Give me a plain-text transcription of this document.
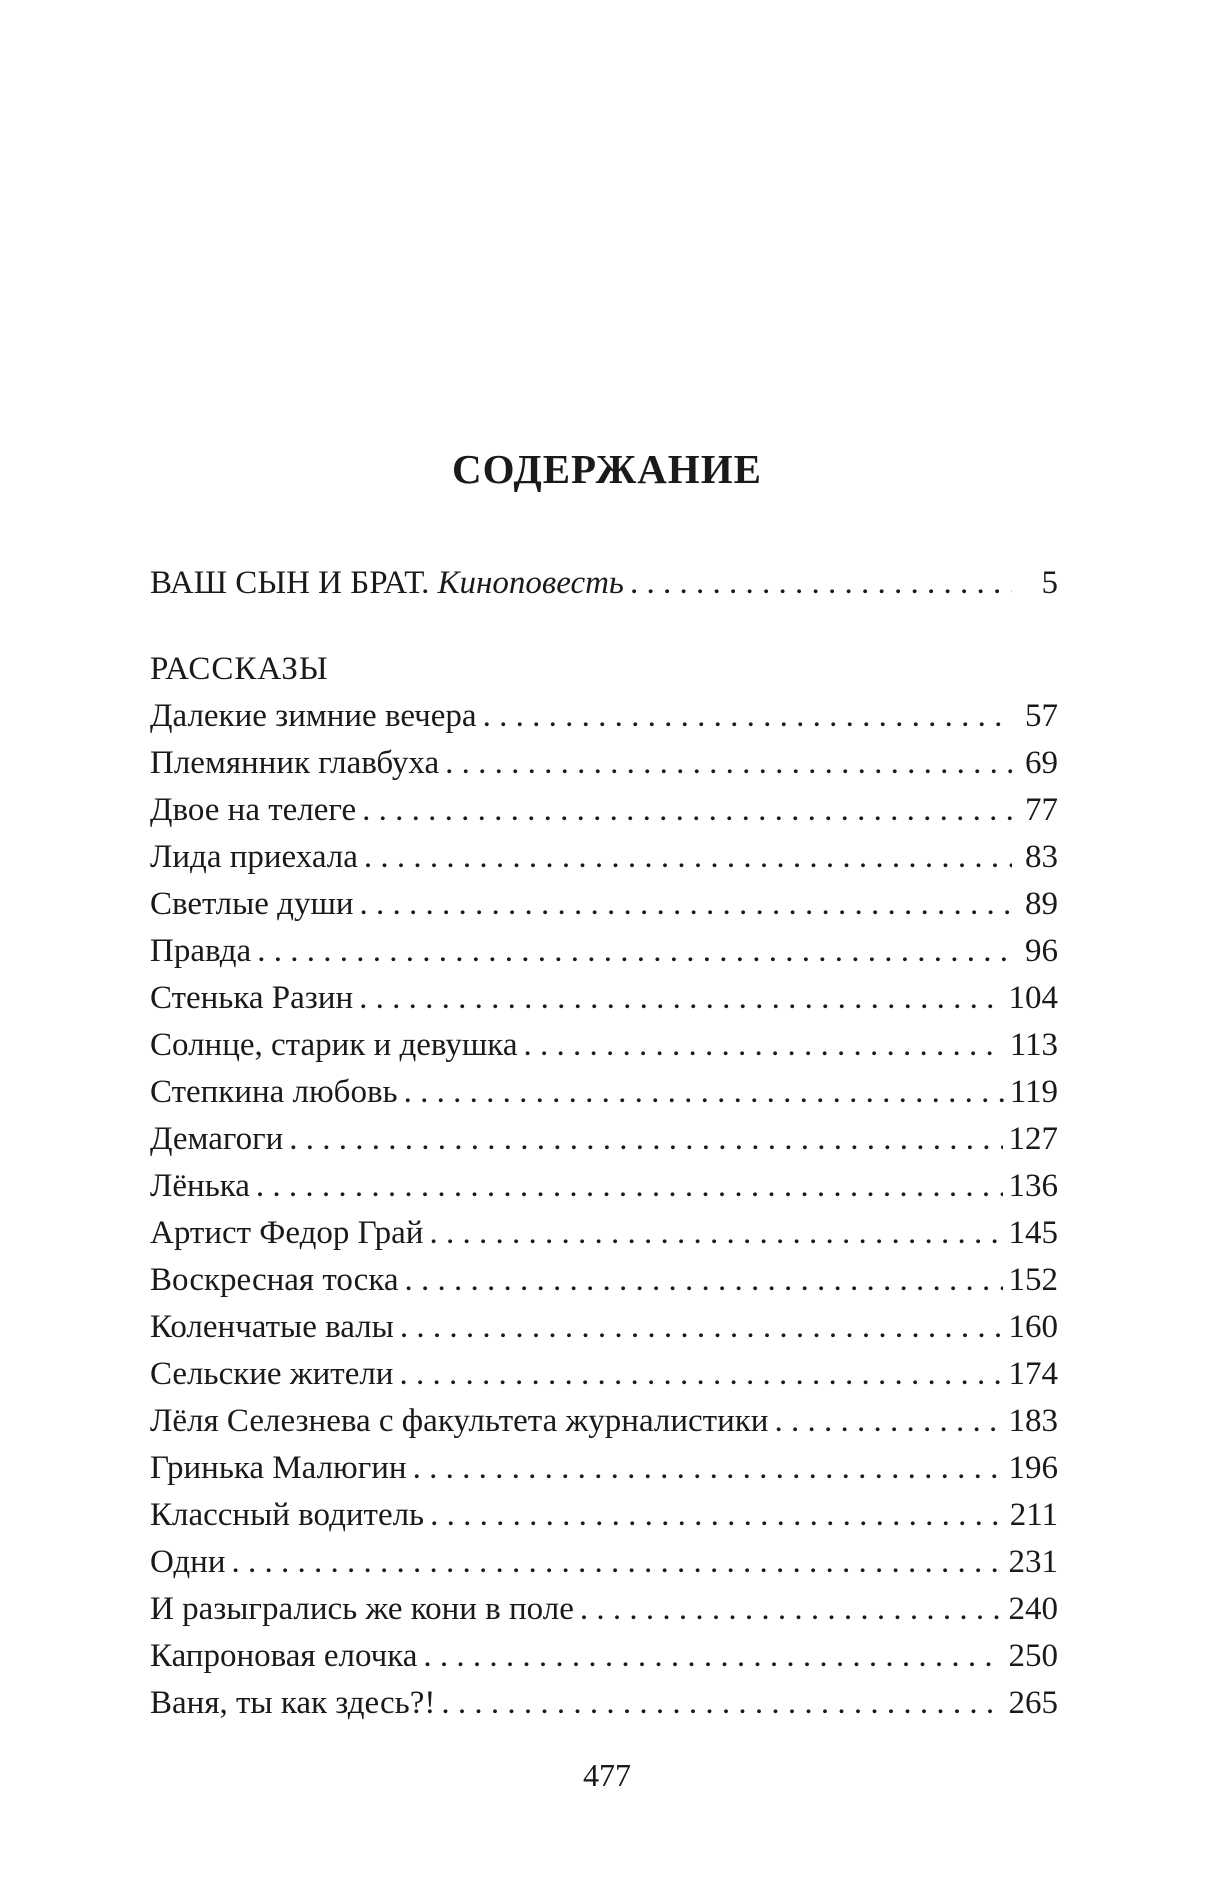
СОДЕРЖАНИЕ
ВАШ СЫН И БРАТ. Киноповесть . . .	5
РАССКАЗЫ
Далекие зимние вечера . . .	57
Племянник главбуха . . .	69
Двое на телеге . . .	77
Лида приехала . . .	83
Светлые души . . .	89
Правда . . .	96
Стенька Разин . . .	104
Солнце, старик и девушка . . .	113
Степкина любовь . . .	119
Демагоги . . .	127
Лёнька . . .	136
Артист Федор Грай . . .	145
Воскресная тоска . . .	152
Коленчатые валы . . .	160
Сельские жители . . .	174
Лёля Селезнева с факультета журналистики . . .	183
Гринька Малюгин . . .	196
Классный водитель . . .	211
Одни . . .	231
И разыгрались же кони в поле . . .	240
Капроновая елочка . . .	250
Ваня, ты как здесь?! . . .	265
477
